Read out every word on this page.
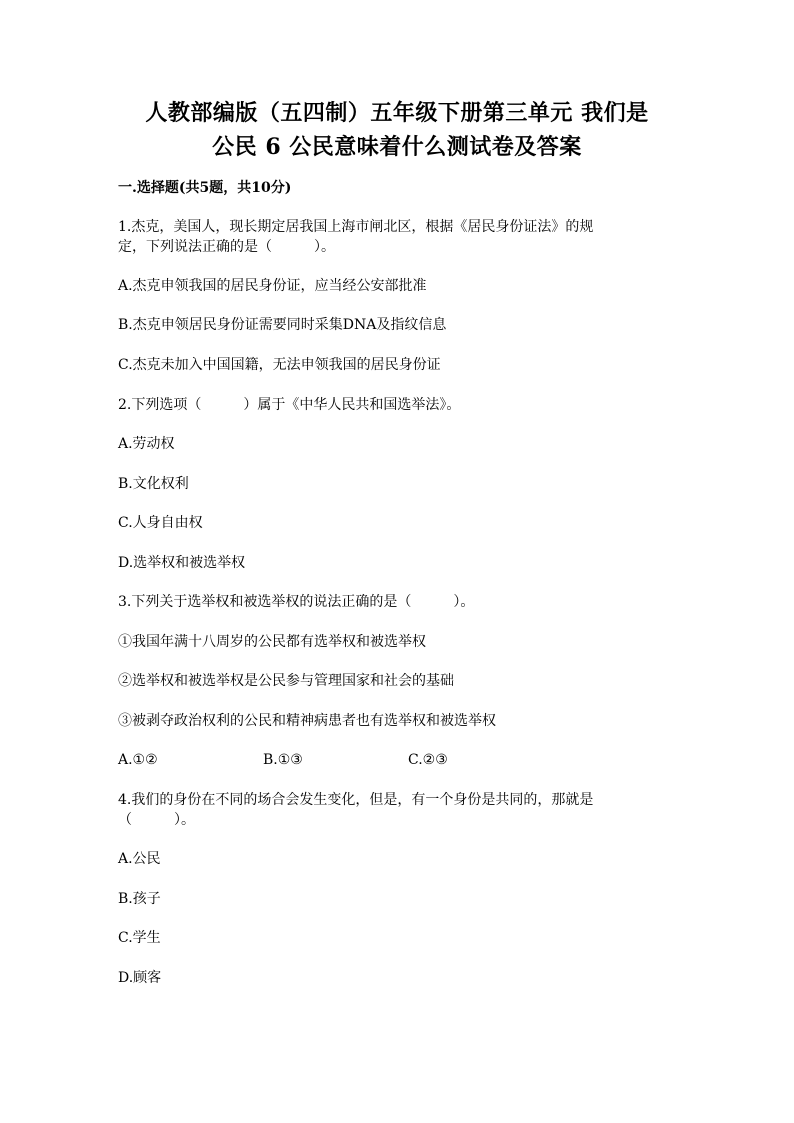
人教部编版（五四制）五年级下册第三单元 我们是
公民 6 公民意味着什么测试卷及答案
一.选择题(共5题，共10分)
1.杰克，美国人，现长期定居我国上海市闸北区，根据《居民身份证法》的规
定，下列说法正确的是（　　　）。
A.杰克申领我国的居民身份证，应当经公安部批准
B.杰克申领居民身份证需要同时采集DNA及指纹信息
C.杰克未加入中国国籍，无法申领我国的居民身份证
2.下列选项（　　　）属于《中华人民共和国选举法》。
A.劳动权
B.文化权利
C.人身自由权
D.选举权和被选举权
3.下列关于选举权和被选举权的说法正确的是（　　　）。
①我国年满十八周岁的公民都有选举权和被选举权
②选举权和被选举权是公民参与管理国家和社会的基础
③被剥夺政治权利的公民和精神病患者也有选举权和被选举权
A.①②	B.①③	C.②③
4.我们的身份在不同的场合会发生变化，但是，有一个身份是共同的，那就是
（　　　）。
A.公民
B.孩子
C.学生
D.顾客
